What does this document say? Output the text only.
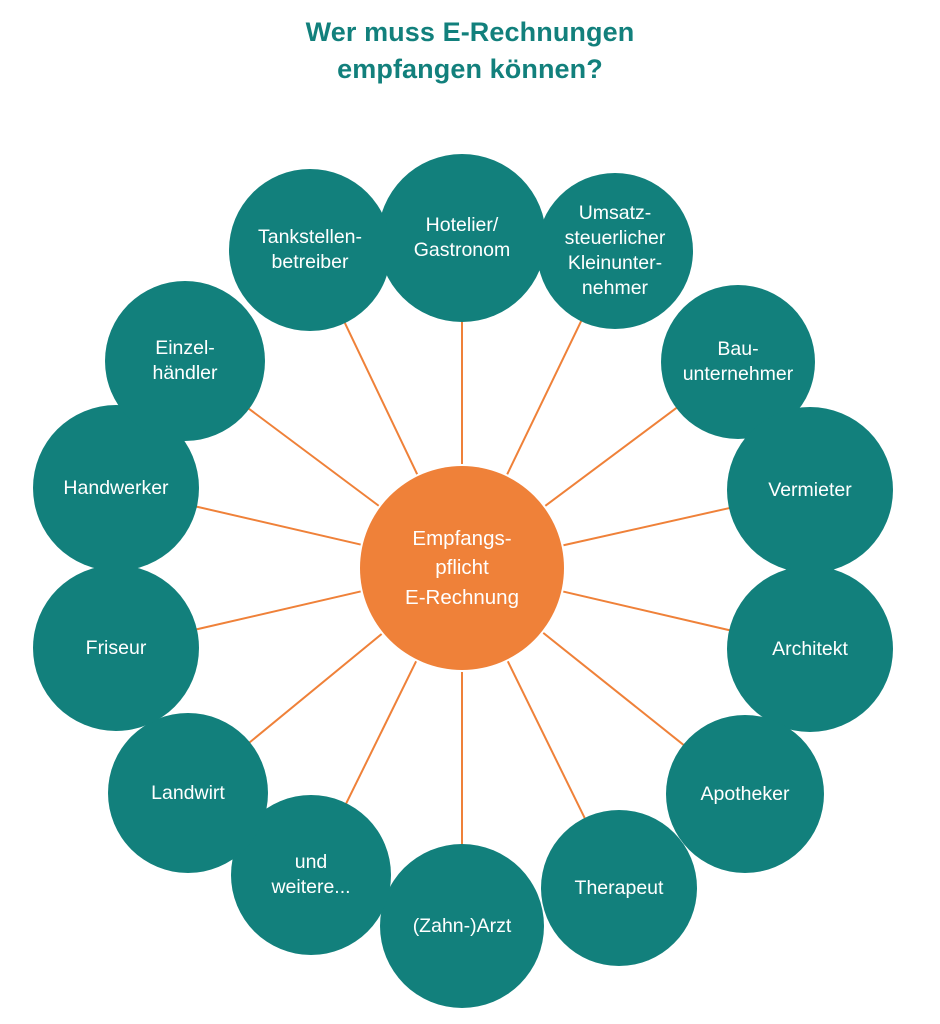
Wer muss E-Rechnungen
empfangen können?
Hotelier/
Gastronom
Umsatz-
steuerlicher
Kleinunter-
nehmer
Bau-
unternehmer
Vermieter
Architekt
Apotheker
Therapeut
(Zahn-)Arzt
und
weitere...
Landwirt
Friseur
Handwerker
Einzel-
händler
Tankstellen-
betreiber
Empfangs-
pflicht
E-Rechnung
